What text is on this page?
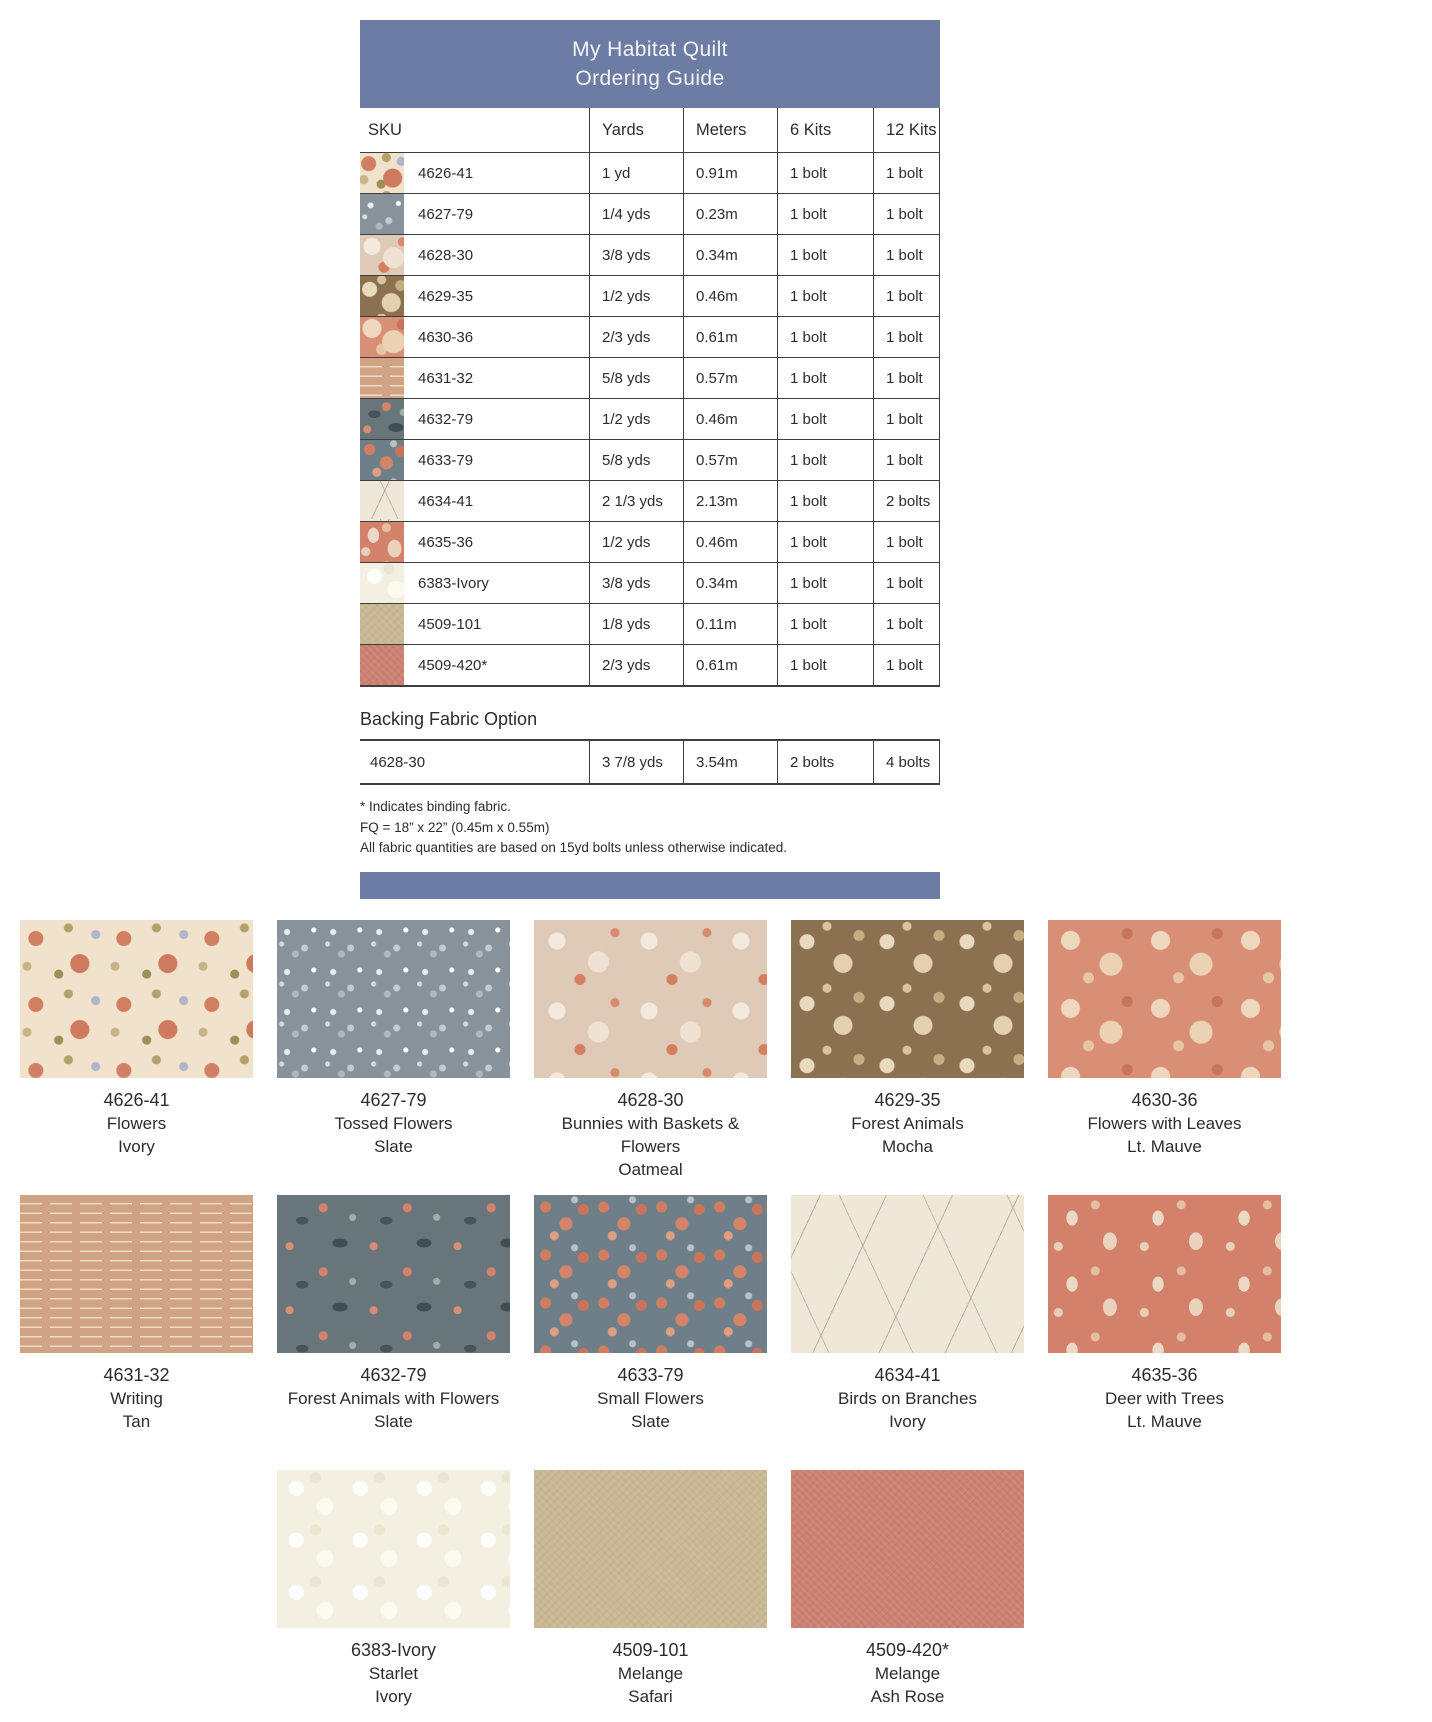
My Habitat Quilt
Ordering Guide
SKU	Yards	Meters	6 Kits	12 Kits
4626-41	1 yd	0.91m	1 bolt	1 bolt
4627-79	1/4 yds	0.23m	1 bolt	1 bolt
4628-30	3/8 yds	0.34m	1 bolt	1 bolt
4629-35	1/2 yds	0.46m	1 bolt	1 bolt
4630-36	2/3 yds	0.61m	1 bolt	1 bolt
4631-32	5/8 yds	0.57m	1 bolt	1 bolt
4632-79	1/2 yds	0.46m	1 bolt	1 bolt
4633-79	5/8 yds	0.57m	1 bolt	1 bolt
4634-41	2 1/3 yds	2.13m	1 bolt	2 bolts
4635-36	1/2 yds	0.46m	1 bolt	1 bolt
6383-Ivory	3/8 yds	0.34m	1 bolt	1 bolt
4509-101	1/8 yds	0.11m	1 bolt	1 bolt
4509-420*	2/3 yds	0.61m	1 bolt	1 bolt
Backing Fabric Option
4628-30	3 7/8 yds	3.54m	2 bolts	4 bolts
* Indicates binding fabric.
FQ = 18” x 22” (0.45m x 0.55m)
All fabric quantities are based on 15yd bolts unless otherwise indicated.
4626-41
Flowers
Ivory
4627-79
Tossed Flowers
Slate
4628-30
Bunnies with Baskets & Flowers
Oatmeal
4629-35
Forest Animals
Mocha
4630-36
Flowers with Leaves
Lt. Mauve
4631-32
Writing
Tan
4632-79
Forest Animals with Flowers
Slate
4633-79
Small Flowers
Slate
4634-41
Birds on Branches
Ivory
4635-36
Deer with Trees
Lt. Mauve
6383-Ivory
Starlet
Ivory
4509-101
Melange
Safari
4509-420*
Melange
Ash Rose
